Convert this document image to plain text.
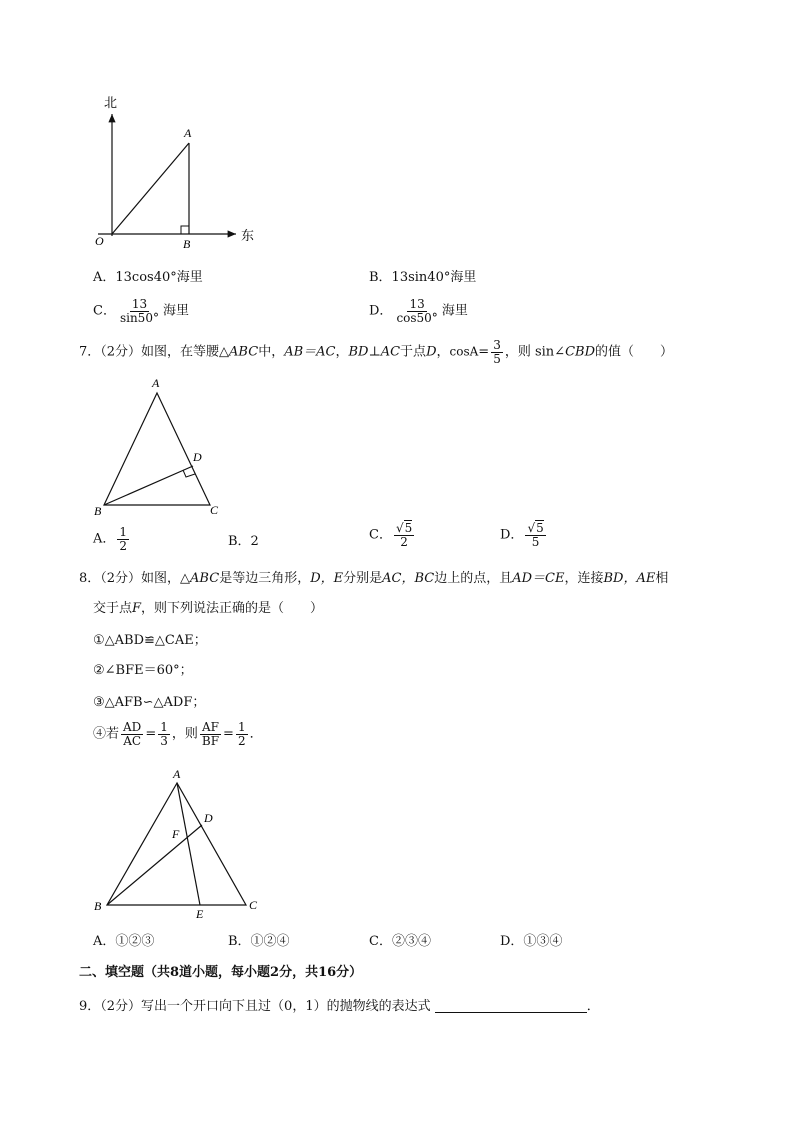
北
东
A
B
O
A．13cos40°海里	B．13sin40°海里
C． $\frac{13}{\sin 50^\circ}$ 海里	D． $\frac{13}{\cos 50^\circ}$ 海里
7．（2分）如图，在等腰△ABC中，AB＝AC，BD⊥AC于点D，$\cos A= \frac{3}{5}$ ，则 sin∠CBD的值（　　）
A
B	C
D
A． $\frac{1}{2}$	B．2	C． $\frac{√5}{2}$	D． $\frac{√5}{5}$
8．（2分）如图，△ABC是等边三角形，D，E分别是AC，BC边上的点，且AD＝CE，连接BD，AE相
交于点F，则下列说法正确的是（　　）
①△ABD≌△CAE；
②∠BFE＝60°；
③△AFB∽△ADF；
④若 $\frac{AD}{AC} = \frac{1}{3}$ ，则 $\frac{AF}{BF} = \frac{1}{2}$ ．
A
B	C
D
E
F
A．①②③	B．①②④	C．②③④	D．①③④
二、填空题（共8道小题，每小题2分，共16分）
9．（2分）写出一个开口向下且过（0，1）的抛物线的表达式	．
